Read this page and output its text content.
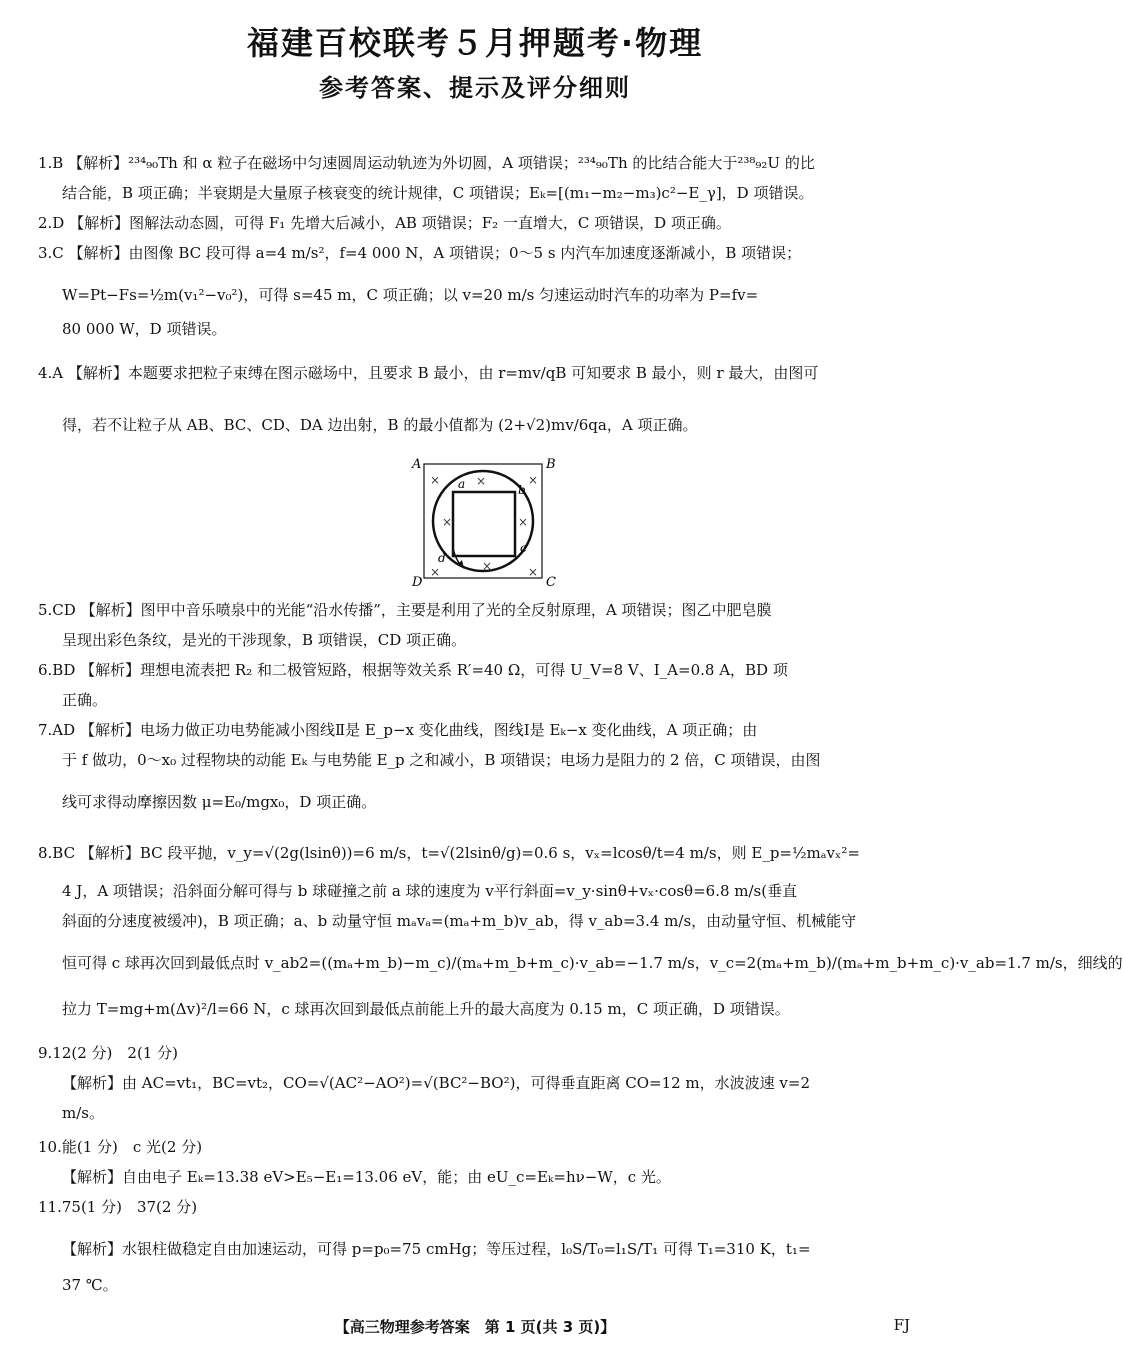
福建百校联考５月押题考·物理
参考答案、提示及评分细则
1.B 【解析】²³⁴₉₀Th 和 α 粒子在磁场中匀速圆周运动轨迹为外切圆，A 项错误；²³⁴₉₀Th 的比结合能大于²³⁸₉₂U 的比
结合能，B 项正确；半衰期是大量原子核衰变的统计规律，C 项错误；Eₖ=[(m₁−m₂−m₃)c²−E_γ]，D 项错误。
2.D 【解析】图解法动态圆，可得 F₁ 先增大后减小，AB 项错误；F₂ 一直增大，C 项错误，D 项正确。
3.C 【解析】由图像 BC 段可得 a=4 m/s²，f=4 000 N，A 项错误；0～5 s 内汽车加速度逐渐减小，B 项错误；
W=Pt−Fs=½m(v₁²−v₀²)，可得 s=45 m，C 项正确；以 v=20 m/s 匀速运动时汽车的功率为 P=fv=
80 000 W，D 项错误。
4.A 【解析】本题要求把粒子束缚在图示磁场中，且要求 B 最小，由 r=mv/qB 可知要求 B 最小，则 r 最大，由图可
得，若不让粒子从 AB、BC、CD、DA 边出射，B 的最小值都为 (2+√2)mv/6qa，A 项正确。
A	B
D	C
a	b
c
d
×	×
×	×
×	×
×
×
5.CD 【解析】图甲中音乐喷泉中的光能“沿水传播”，主要是利用了光的全反射原理，A 项错误；图乙中肥皂膜
呈现出彩色条纹，是光的干涉现象，B 项错误，CD 项正确。
6.BD 【解析】理想电流表把 R₂ 和二极管短路，根据等效关系 R′=40 Ω，可得 U_V=8 V、I_A=0.8 A，BD 项
正确。
7.AD 【解析】电场力做正功电势能减小图线Ⅱ是 E_p−x 变化曲线，图线Ⅰ是 Eₖ−x 变化曲线，A 项正确；由
于 f 做功，0～x₀ 过程物块的动能 Eₖ 与电势能 E_p 之和减小，B 项错误；电场力是阻力的 2 倍，C 项错误，由图
线可求得动摩擦因数 μ=E₀/mgx₀，D 项正确。
8.BC 【解析】BC 段平抛，v_y=√(2g(lsinθ))=6 m/s，t=√(2lsinθ/g)=0.6 s，vₓ=lcosθ/t=4 m/s，则 E_p=½mₐvₓ²=
4 J，A 项错误；沿斜面分解可得与 b 球碰撞之前 a 球的速度为 v平行斜面=v_y·sinθ+vₓ·cosθ=6.8 m/s(垂直
斜面的分速度被缓冲)，B 项正确；a、b 动量守恒 mₐvₐ=(mₐ+m_b)v_ab，得 v_ab=3.4 m/s，由动量守恒、机械能守
恒可得 c 球再次回到最低点时 v_ab2=((mₐ+m_b)−m_c)/(mₐ+m_b+m_c)·v_ab=−1.7 m/s，v_c=2(mₐ+m_b)/(mₐ+m_b+m_c)·v_ab=1.7 m/s，细线的
拉力 T=mg+m(Δv)²/l=66 N，c 球再次回到最低点前能上升的最大高度为 0.15 m，C 项正确，D 项错误。
9.12(2 分)　2(1 分)
【解析】由 AC=vt₁，BC=vt₂，CO=√(AC²−AO²)=√(BC²−BO²)，可得垂直距离 CO=12 m，水波波速 v=2
m/s。
10.能(1 分)　c 光(2 分)
【解析】自由电子 Eₖ=13.38 eV>E₅−E₁=13.06 eV，能；由 eU_c=Eₖ=hν−W，c 光。
11.75(1 分)　37(2 分)
【解析】水银柱做稳定自由加速运动，可得 p=p₀=75 cmHg；等压过程，l₀S/T₀=l₁S/T₁ 可得 T₁=310 K，t₁=
37 ℃。
【高三物理参考答案　第 1 页(共 3 页)】	FJ
